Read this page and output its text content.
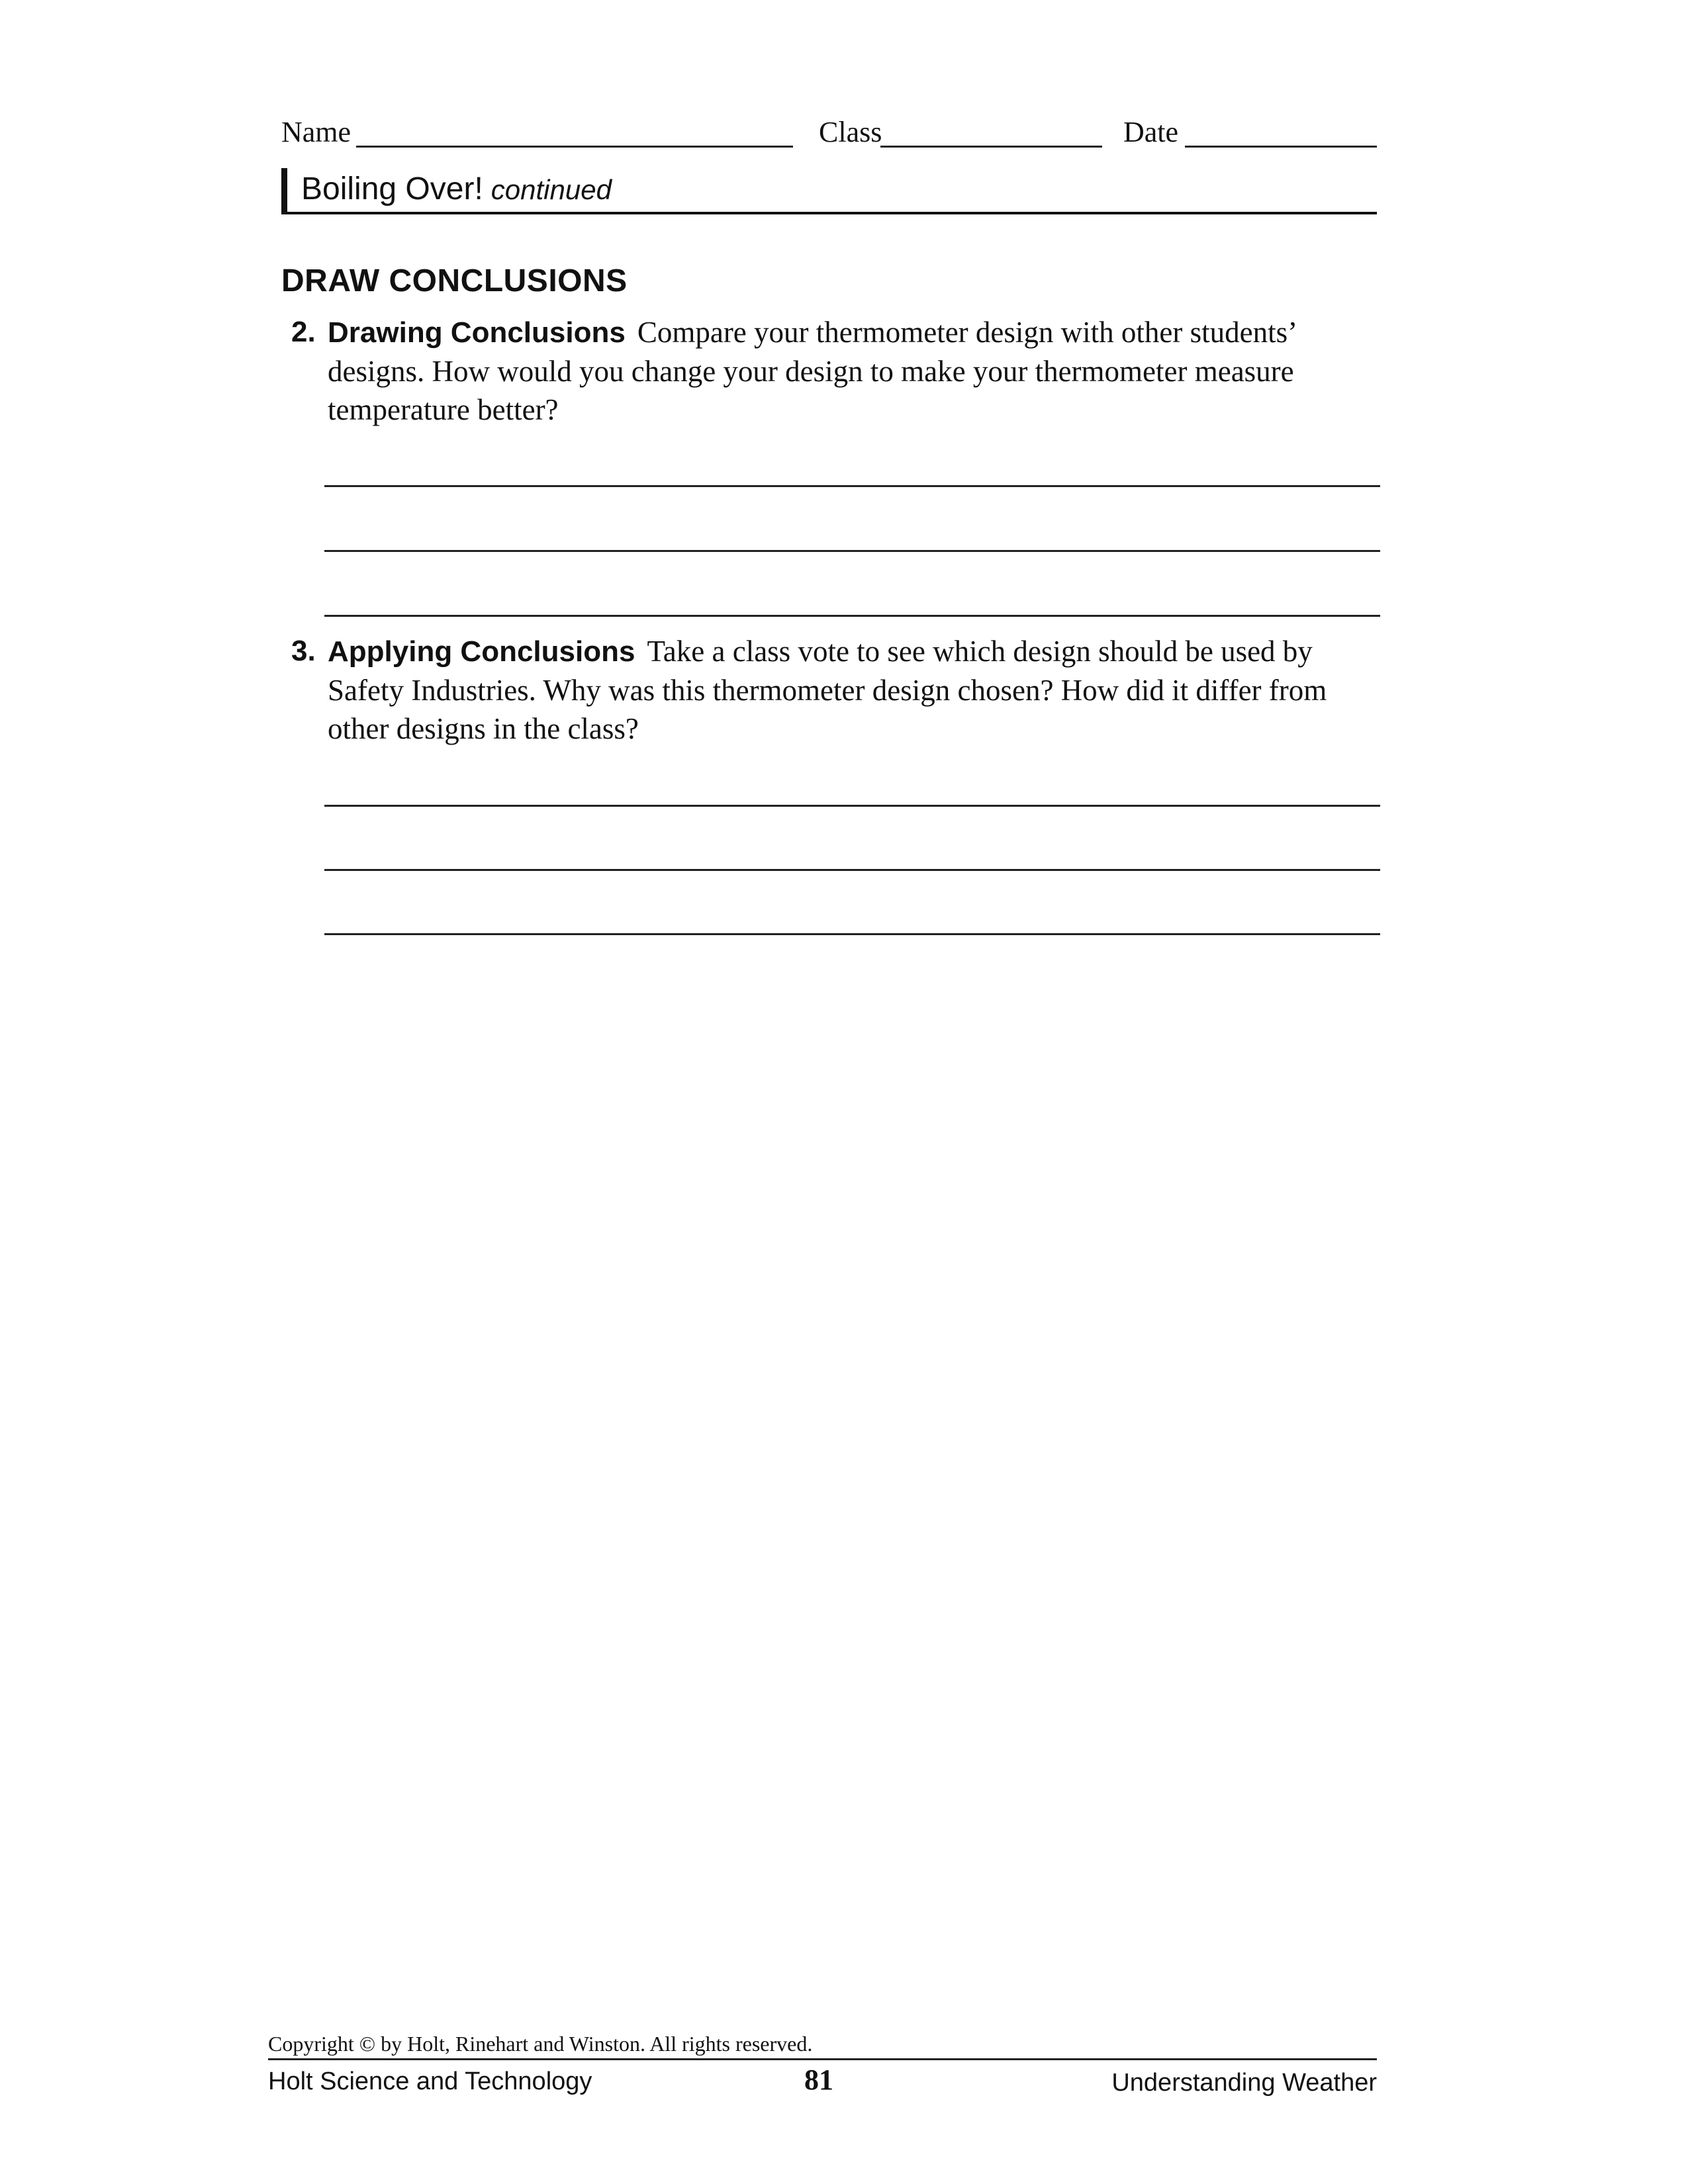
Name	Class	Date
Boiling Over! continued
DRAW CONCLUSIONS
2. Drawing Conclusions Compare your thermometer design with other students’ designs. How would you change your design to make your thermometer measure temperature better?
3. Applying Conclusions Take a class vote to see which design should be used by Safety Industries. Why was this thermometer design chosen? How did it differ from other designs in the class?
Copyright © by Holt, Rinehart and Winston. All rights reserved.
Holt Science and Technology	81	Understanding Weather
